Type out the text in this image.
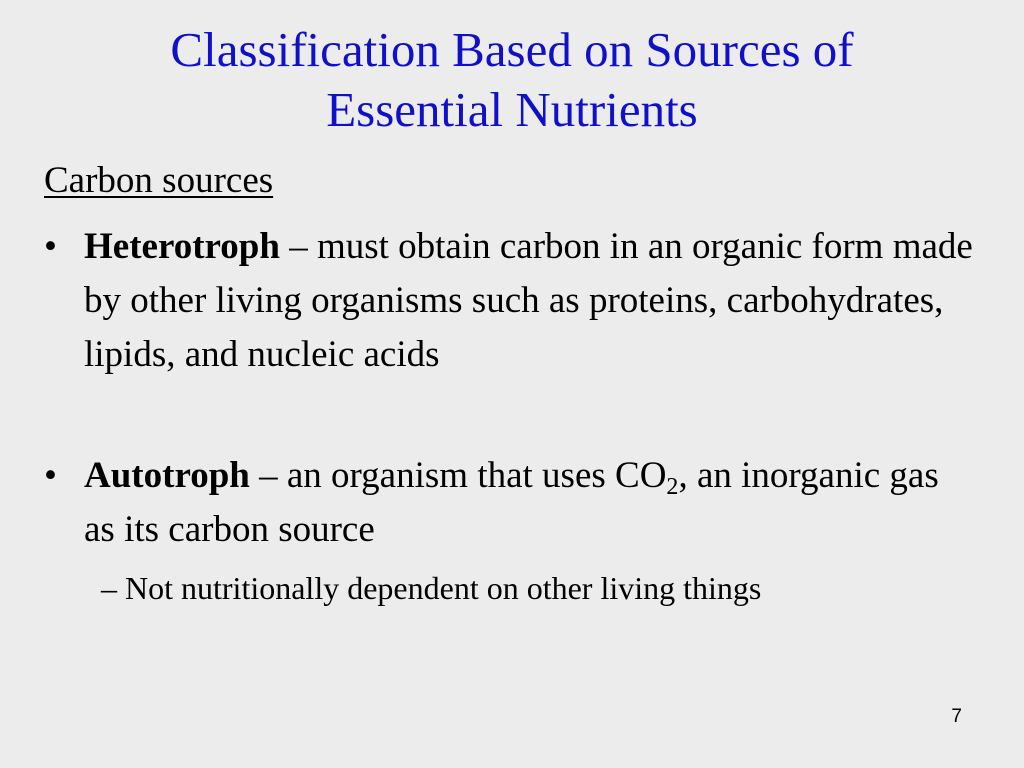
Classification Based on Sources of
Essential Nutrients
Carbon sources
• Heterotroph – must obtain carbon in an organic form made by other living organisms such as proteins, carbohydrates, lipids, and nucleic acids
• Autotroph – an organism that uses $CO_2$, an inorganic gas as its carbon source
– Not nutritionally dependent on other living things
7
